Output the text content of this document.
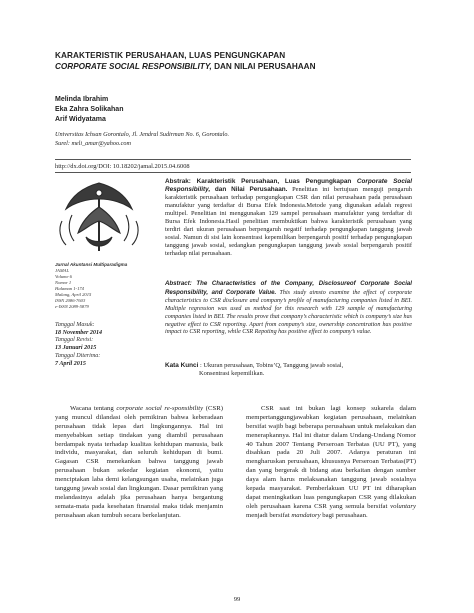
KARAKTERISTIK PERUSAHAAN, LUAS PENGUNGKAPAN
CORPORATE SOCIAL RESPONSIBILITY, DAN NILAI PERUSAHAAN
Melinda Ibrahim
Eka Zahra Solikahan
Arif Widyatama
Universitas Ichsan Gorontalo, Jl. Jendral Sudirman No. 6, Gorontalo.
Surel: meli_amar@yahoo.com
http://dx.doi.org/DOI: 10.18202/jamal.2015.04.6008
Jurnal Akuntansi Multiparadigma
JAMAL
Volume 6
Nomor 1
Halaman 1-174
Malang, April 2015
ISSN 2086-7603
e-ISSN 2089-5879
Tanggal Masuk:
18 November 2014
Tanggal Revisi:
13 Januari 2015
Tanggal Diterima:
7 April 2015
Abstrak: Karakteristik Perusahaan, Luas Pengungkapan Corporate Social Responsibility, dan Nilai Perusahaan. Penelitian ini bertujuan menguji pengaruh karakteristik perusahaan terhadap pengungkapan CSR dan nilai perusahaan pada perusahaan manufaktur yang terdaftar di Bursa Efek Indonesia.Metode yang digunakan adalah regresi multipel. Penelitian ini menggunakan 129 sampel perusahaan manufaktur yang terdaftar di Bursa Efek Indonesia.Hasil penelitian membuktikan bahwa karakteristik perusahaan yang terdiri dari ukuran perusahaan berpengaruh negatif terhadap pengungkapan tanggung jawab sosial. Namun di sisi lain konsentrasi kepemilikan berpengaruh positif terhadap pengungkapan tanggung jawab sosial, sedangkan pengungkapan tanggung jawab sosial berpengaruh positif terhadap nilai perusahaan.
Abstract: The Characteristics of the Company, Disclosureof Corporate Social Responsibility, and Corporate Value. This study aimsto examine the effect of corporate characteristics to CSR disclosure and company’s profile of manufacturing companies listed in BEI. Multiple regression was used as method for this research with 129 sample of manufacturing companies listed in BEI. The results prove that company’s characteristic which is company’s size has negative effect to CSR reporting. Apart from company’s size, ownership concentration has positive impact to CSR reporting, while CSR Repoting has positive effect to company’s value.
Kata Kunci : Ukuran perusahaan, Tobins’Q, Tanggung jawab sosial,
Konsentrasi kepemilikan.

Wacana tentang corporate social re-sponsibility (CSR) yang muncul dilandasi oleh pemikiran bahwa keberadaan perusahaan tidak lepas dari lingkungannya. Hal ini menyebabkan setiap tindakan yang diambil perusahaan berdampak nyata terhadap kualitas kehidupan manusia, baik individu, masyarakat, dan seluruh kehidupan di bumi. Gagasan CSR menekankan bahwa tanggung jawab perusahaan bukan sekedar kegiatan ekonomi, yaitu menciptakan laba demi kelangsungan usaha, melainkan juga tanggung jawab sosial dan lingkungan. Dasar pemikiran yang melandasinya adalah jika perusahaan hanya bergantung semata-mata pada kesehatan finansial maka tidak menjamin perusahaan akan tumbuh secara berkelanjutan.

CSR saat ini bukan lagi konsep sukarela dalam mempertanggungjawabkan kegiatan perusahaan, melainkan bersifat wajib bagi beberapa perusahaan untuk melakukan dan menerapkannya. Hal ini diatur dalam Undang-Undang Nomor 40 Tahun 2007 Tentang Perseroan Terbatas (UU PT), yang disahkan pada 20 Juli 2007. Adanya peraturan ini mengharuskan perusahaan, khususnya Perseroan Terbatas(PT) dan yang bergerak di bidang atau berkaitan dengan sumber daya alam harus melaksanakan tanggung jawab sosialnya kepada masyarakat. Pemberlakuan UU PT ini diharapkan dapat meningkatkan luas pengungkapan CSR yang dilakukan oleh perusahaan karena CSR yang semula bersifat voluntary menjadi bersifat mandatory bagi perusahaan.

99
